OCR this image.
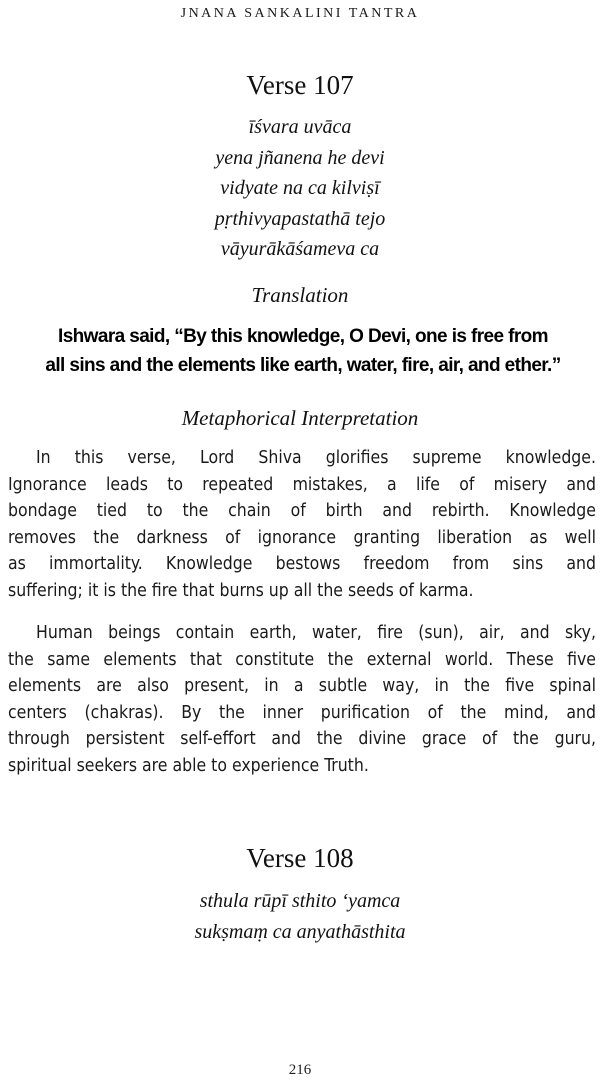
JNANA SANKALINI TANTRA
Verse 107
īśvara uvāca
yena jñanena he devi
vidyate na ca kilviṣī
pṛthivyapastathā tejo
vāyurākāśameva ca
Translation
Ishwara said, “By this knowledge, O Devi, one is free from
all sins and the elements like earth, water, fire, air, and ether.”
Metaphorical Interpretation
In this verse, Lord Shiva glorifies supreme knowledge.
Ignorance leads to repeated mistakes, a life of misery and
bondage tied to the chain of birth and rebirth. Knowledge
removes the darkness of ignorance granting liberation as well
as immortality. Knowledge bestows freedom from sins and
suffering; it is the fire that burns up all the seeds of karma.
Human beings contain earth, water, fire (sun), air, and sky,
the same elements that constitute the external world. These five
elements are also present, in a subtle way, in the five spinal
centers (chakras). By the inner purification of the mind, and
through persistent self-effort and the divine grace of the guru,
spiritual seekers are able to experience Truth.
Verse 108
sthula rūpī sthito ‘yamca
sukṣmaṃ ca anyathāsthita
216
